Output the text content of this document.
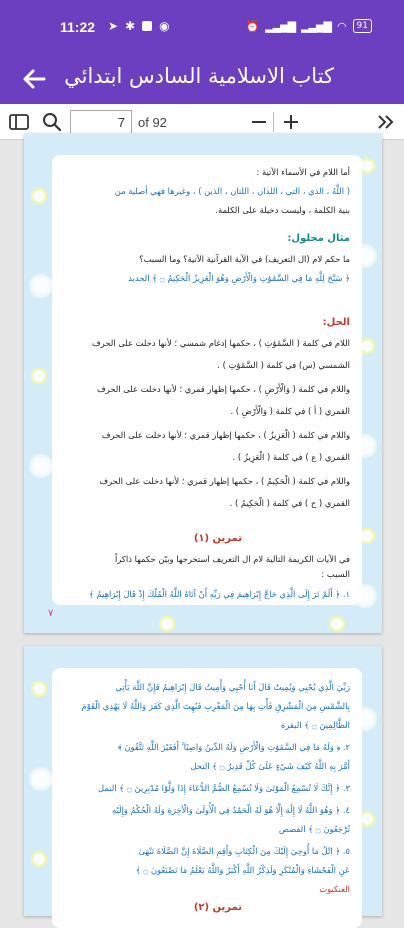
11:22 ➤ ✱ ◉	⏰ ▂▃▅▇ ▂▃▅▇ ◠	91
كتاب الاسلامية السادس ابتدائي
7
of 92
أما اللام في الأسماء الآتية :
( اللَّهُ ، الذي ، التي ، اللذان ، اللتان ، الذين ) ، وغيرها فهي أصلية من
بنية الكلمة ، وليست دخيلة على الكلمة.
مثال محلول:
ما حكم لام (ال التعريف) في الآية القرآنية الآتية؟ وما السبب؟
﴿ سَبَّحَ لِلَّهِ مَا فِي السَّمَٰوَٰتِ وَالْأَرْضِ وَهُوَ الْعَزِيزُ الْحَكِيمُ ۝ ﴾ الحديد
الحل:
اللام في كلمة ( السَّمَٰوَٰتِ ) ، حكمها إدغام شمسي ؛ لأنها دخلت على الحرف
الشمسي (س) في كلمة ( السَّمَٰوَٰتِ ) .
واللام في كلمة ( وَالْأَرْضِ ) ، حكمها إظهار قمري ؛ لأنها دخلت على الحرف
القمري ( أ ) في كلمة ( وَالْأَرْضِ ) .
واللام في كلمة ( الْعَزِيزُ ) ، حكمها إظهار قمري ؛ لأنها دخلت على الحرف
القمري ( ع ) في كلمة ( الْعَزِيزُ ) .
واللام في كلمة ( الْحَكِيمُ ) ، حكمها إظهار قمري ؛ لأنها دخلت على الحرف
القمري ( ح ) في كلمة ( الْحَكِيمُ ) .
تمرين (١)
في الآيات الكريمة التالية لام ال التعريف استخرجها وبيّن حكمها ذاكراً
السبب :
١. ﴿ أَلَمْ تَرَ إِلَى الَّذِي حَاجَّ إِبْرَاهِيمَ فِي رَبِّهِ أَنْ آتَاهُ اللَّهُ الْمُلْكَ إِذْ قَالَ إِبْرَاهِيمُ ﴾
٧
رَبِّيَ الَّذِي يُحْيِي وَيُمِيتُ قَالَ أَنَا أُحْيِي وَأُمِيتُ قَالَ إِبْرَاهِيمُ فَإِنَّ اللَّهَ يَأْتِي
بِالشَّمْسِ مِنَ الْمَشْرِقِ فَأْتِ بِهَا مِنَ الْمَغْرِبِ فَبُهِتَ الَّذِي كَفَرَ وَاللَّهُ لَا يَهْدِي الْقَوْمَ
الظَّالِمِينَ ۝ ﴾ البقرة
٢. ﴿ وَلَهُ مَا فِي السَّمَٰوَٰتِ وَالْأَرْضِ وَلَهُ الدِّينُ وَاصِبًا ۚ أَفَغَيْرَ اللَّهِ تَتَّقُونَ ﴾
أَمَّرَ بِهِ اللَّهُ كَيْفَ شَيْءٍ عَلَىٰ كُلِّ قَدِيرٌ ۝ ﴾ النحل
٣. ﴿ إِنَّكَ لَا تُسْمِعُ الْمَوْتَىٰ وَلَا تُسْمِعُ الصُّمَّ الدُّعَاءَ إِذَا وَلَّوْا مُدْبِرِينَ ۝ ﴾ النمل
٤. ﴿ وَهُوَ اللَّهُ لَا إِلَٰهَ إِلَّا هُوَ لَهُ الْحَمْدُ فِي الْأُولَىٰ وَالْآخِرَةِ وَلَهُ الْحُكْمُ وَإِلَيْهِ
تُرْجَعُونَ ۝ ﴾ القصص
٥. ﴿ اتْلُ مَا أُوحِيَ إِلَيْكَ مِنَ الْكِتَابِ وَأَقِمِ الصَّلَاةَ إِنَّ الصَّلَاةَ تَنْهَىٰ
عَنِ الْفَحْشَاءِ وَالْمُنْكَرِ وَلَذِكْرُ اللَّهِ أَكْبَرُ وَاللَّهُ يَعْلَمُ مَا تَصْنَعُونَ ۝ ﴾
العنكبوت
تمرين (٢)
